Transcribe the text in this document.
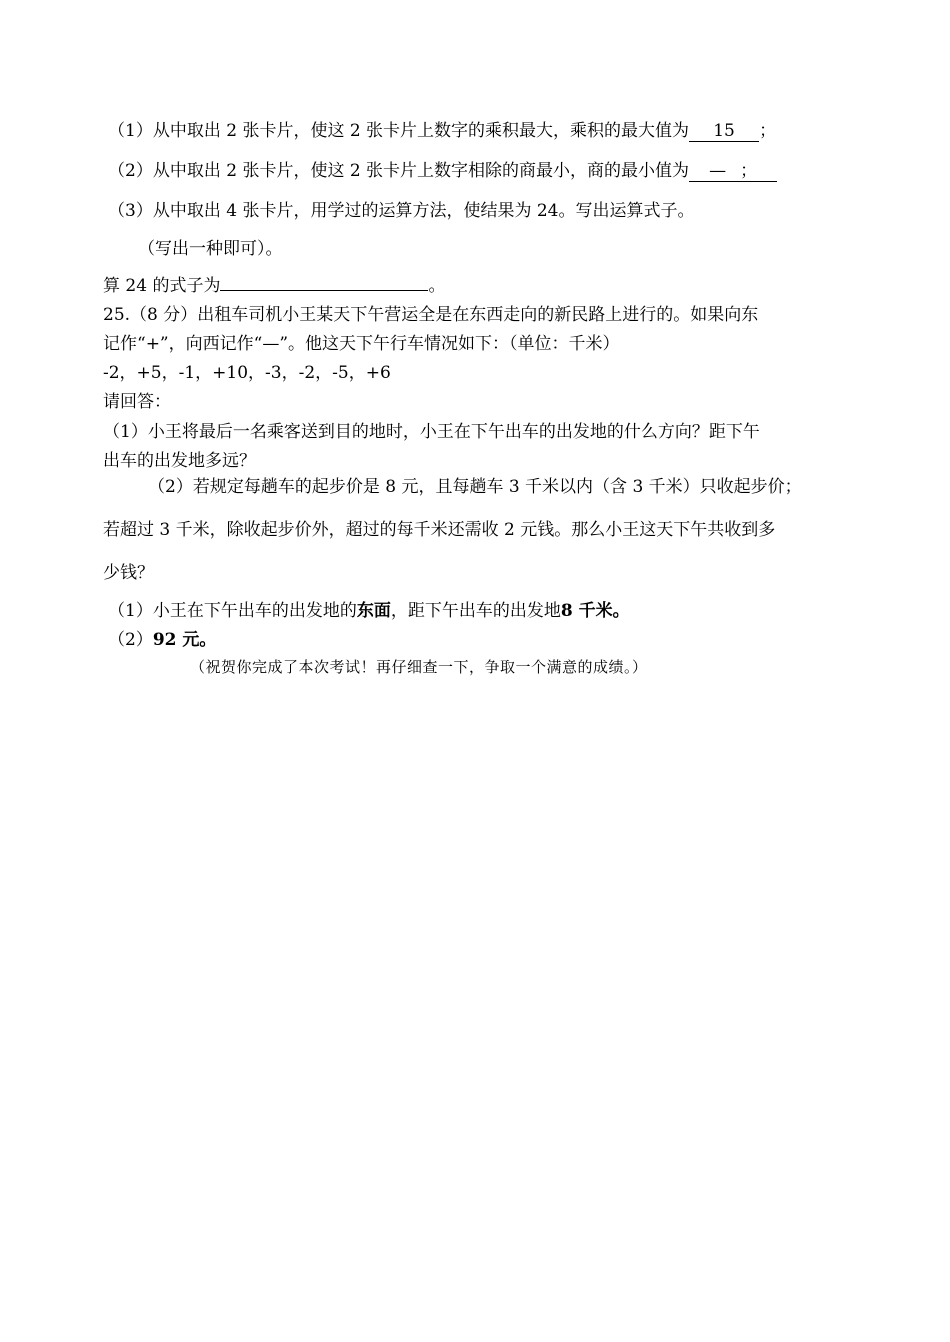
（1）从中取出 2 张卡片，使这 2 张卡片上数字的乘积最大，乘积的最大值为 15 ；
（2）从中取出 2 张卡片，使这 2 张卡片上数字相除的商最小，商的最小值为 — ；
（3）从中取出 4 张卡片，用学过的运算方法，使结果为 24。写出运算式子。
（写出一种即可）。
算 24 的式子为	。
25.（8 分）出租车司机小王某天下午营运全是在东西走向的新民路上进行的。如果向东
记作“+”，向西记作“—”。他这天下午行车情况如下：（单位：千米）
-2，+5，-1，+10，-3，-2，-5，+6
请回答：
（1）小王将最后一名乘客送到目的地时，小王在下午出车的出发地的什么方向？距下午
出车的出发地多远？
（2）若规定每趟车的起步价是 8 元，且每趟车 3 千米以内（含 3 千米）只收起步价；
若超过 3 千米，除收起步价外，超过的每千米还需收 2 元钱。那么小王这天下午共收到多
少钱？
（1）小王在下午出车的出发地的东面，距下午出车的出发地8 千米。
（2）92 元。
（祝贺你完成了本次考试！再仔细查一下，争取一个满意的成绩。）
